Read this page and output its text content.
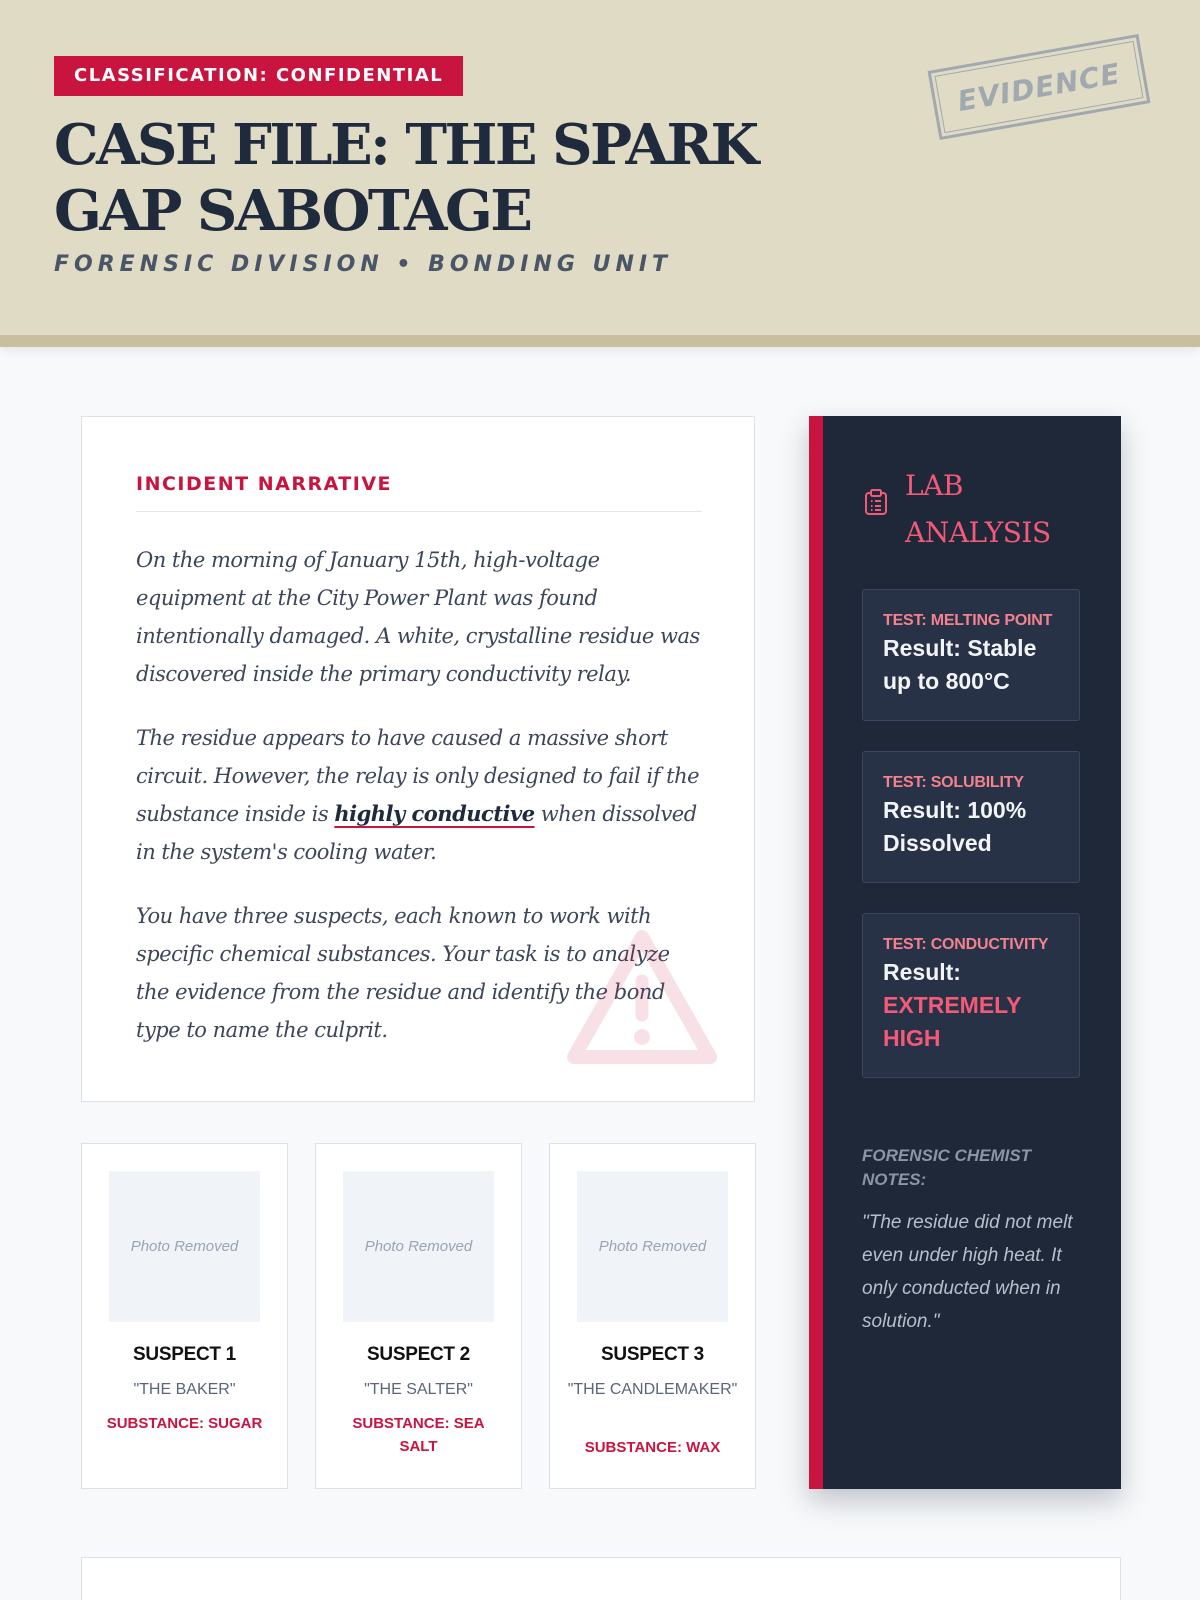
CLASSIFICATION: CONFIDENTIAL
CASE FILE: THE SPARK GAP SABOTAGE
FORENSIC DIVISION • BONDING UNIT
EVIDENCE
INCIDENT NARRATIVE

On the morning of January 15th, high-voltage equipment at the City Power Plant was found intentionally damaged. A white, crystalline residue was discovered inside the primary conductivity relay.

The residue appears to have caused a massive short circuit. However, the relay is only designed to fail if the substance inside is highly conductive when dissolved in the system's cooling water.

You have three suspects, each known to work with specific chemical substances. Your task is to analyze the evidence from the residue and identify the bond type to name the culprit.

Photo Removed
SUSPECT 1
"THE BAKER"
SUBSTANCE: SUGAR
Photo Removed
SUSPECT 2
"THE SALTER"
SUBSTANCE: SEA SALT
Photo Removed
SUSPECT 3
"THE CANDLEMAKER"
SUBSTANCE: WAX
LAB ANALYSIS
TEST: MELTING POINT
Result: Stable up to 800°C
TEST: SOLUBILITY
Result: 100% Dissolved
TEST: CONDUCTIVITY
Result:
EXTREMELY HIGH
FORENSIC CHEMIST NOTES:
"The residue did not melt even under high heat. It only conducted when in solution."
